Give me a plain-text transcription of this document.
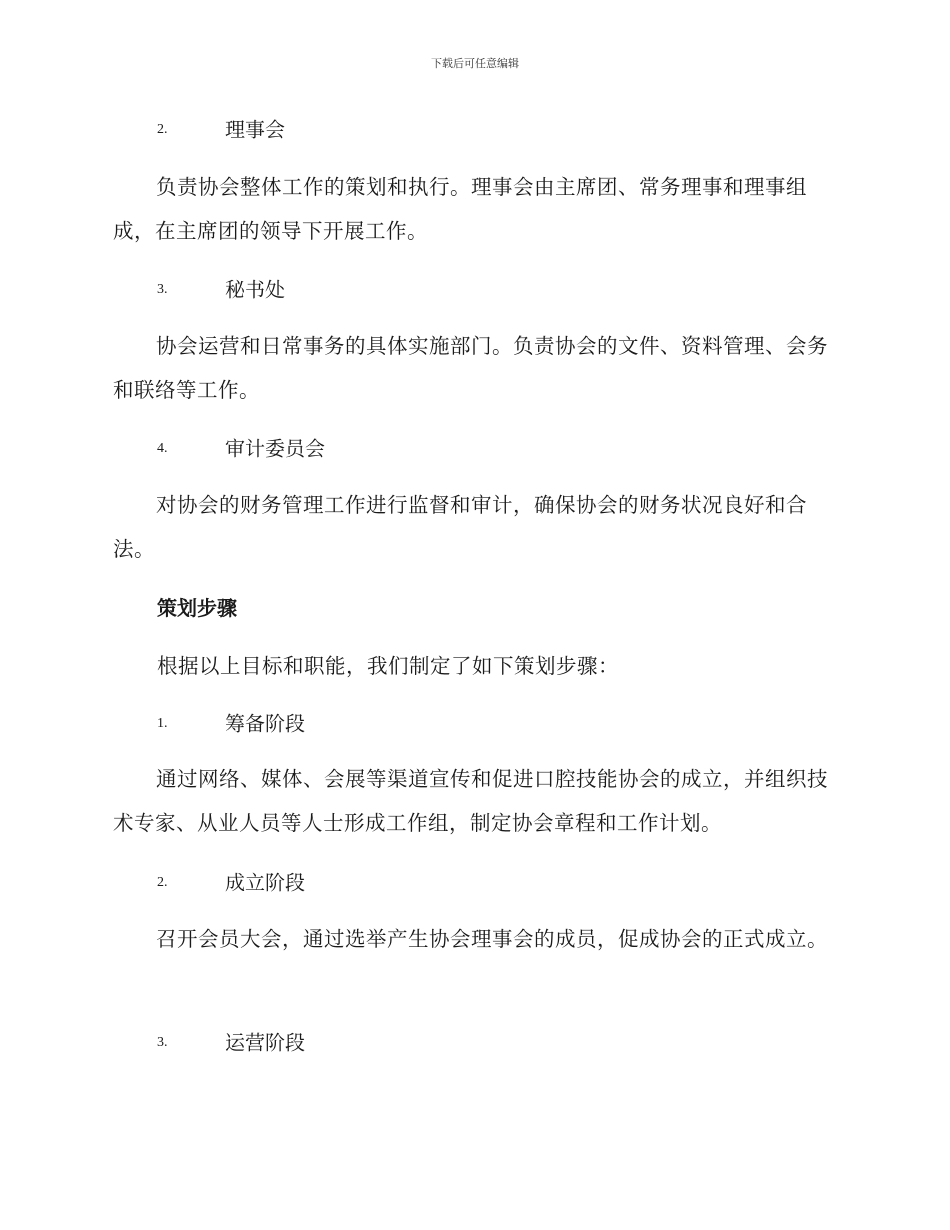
下载后可任意编辑
2.	理事会

负责协会整体工作的策划和执行。理事会由主席团、常务理事和理事组成，在主席团的领导下开展工作。

3.	秘书处

协会运营和日常事务的具体实施部门。负责协会的文件、资料管理、会务和联络等工作。

4.	审计委员会

对协会的财务管理工作进行监督和审计，确保协会的财务状况良好和合法。

策划步骤
根据以上目标和职能，我们制定了如下策划步骤：
1.	筹备阶段

通过网络、媒体、会展等渠道宣传和促进口腔技能协会的成立，并组织技术专家、从业人员等人士形成工作组，制定协会章程和工作计划。

2.	成立阶段

召开会员大会，通过选举产生协会理事会的成员，促成协会的正式成立。

3.	运营阶段
